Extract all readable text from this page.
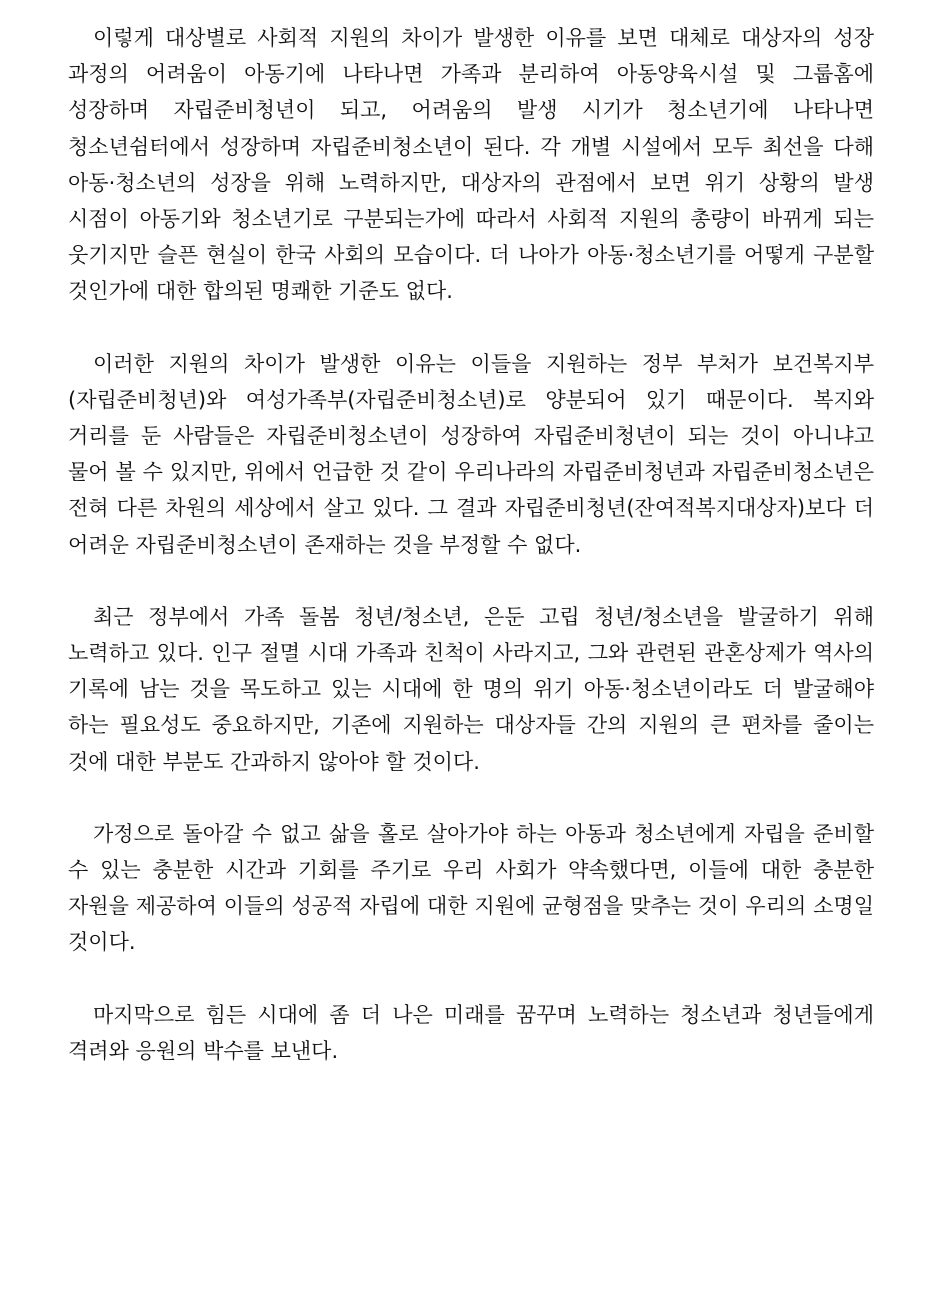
이렇게 대상별로 사회적 지원의 차이가 발생한 이유를 보면 대체로 대상자의 성장 과정의 어려움이 아동기에 나타나면 가족과 분리하여 아동양육시설 및 그룹홈에 성장하며 자립준비청년이 되고, 어려움의 발생 시기가 청소년기에 나타나면 청소년쉼터에서 성장하며 자립준비청소년이 된다. 각 개별 시설에서 모두 최선을 다해 아동·청소년의 성장을 위해 노력하지만, 대상자의 관점에서 보면 위기 상황의 발생 시점이 아동기와 청소년기로 구분되는가에 따라서 사회적 지원의 총량이 바뀌게 되는 웃기지만 슬픈 현실이 한국 사회의 모습이다. 더 나아가 아동·청소년기를 어떻게 구분할 것인가에 대한 합의된 명쾌한 기준도 없다.

이러한 지원의 차이가 발생한 이유는 이들을 지원하는 정부 부처가 보건복지부(자립준비청년)와 여성가족부(자립준비청소년)로 양분되어 있기 때문이다. 복지와 거리를 둔 사람들은 자립준비청소년이 성장하여 자립준비청년이 되는 것이 아니냐고 물어 볼 수 있지만, 위에서 언급한 것 같이 우리나라의 자립준비청년과 자립준비청소년은 전혀 다른 차원의 세상에서 살고 있다. 그 결과 자립준비청년(잔여적복지대상자)보다 더 어려운 자립준비청소년이 존재하는 것을 부정할 수 없다.

최근 정부에서 가족 돌봄 청년/청소년, 은둔 고립 청년/청소년을 발굴하기 위해 노력하고 있다. 인구 절멸 시대 가족과 친척이 사라지고, 그와 관련된 관혼상제가 역사의 기록에 남는 것을 목도하고 있는 시대에 한 명의 위기 아동·청소년이라도 더 발굴해야 하는 필요성도 중요하지만, 기존에 지원하는 대상자들 간의 지원의 큰 편차를 줄이는 것에 대한 부분도 간과하지 않아야 할 것이다.

가정으로 돌아갈 수 없고 삶을 홀로 살아가야 하는 아동과 청소년에게 자립을 준비할 수 있는 충분한 시간과 기회를 주기로 우리 사회가 약속했다면, 이들에 대한 충분한 자원을 제공하여 이들의 성공적 자립에 대한 지원에 균형점을 맞추는 것이 우리의 소명일 것이다.

마지막으로 힘든 시대에 좀 더 나은 미래를 꿈꾸며 노력하는 청소년과 청년들에게 격려와 응원의 박수를 보낸다.
